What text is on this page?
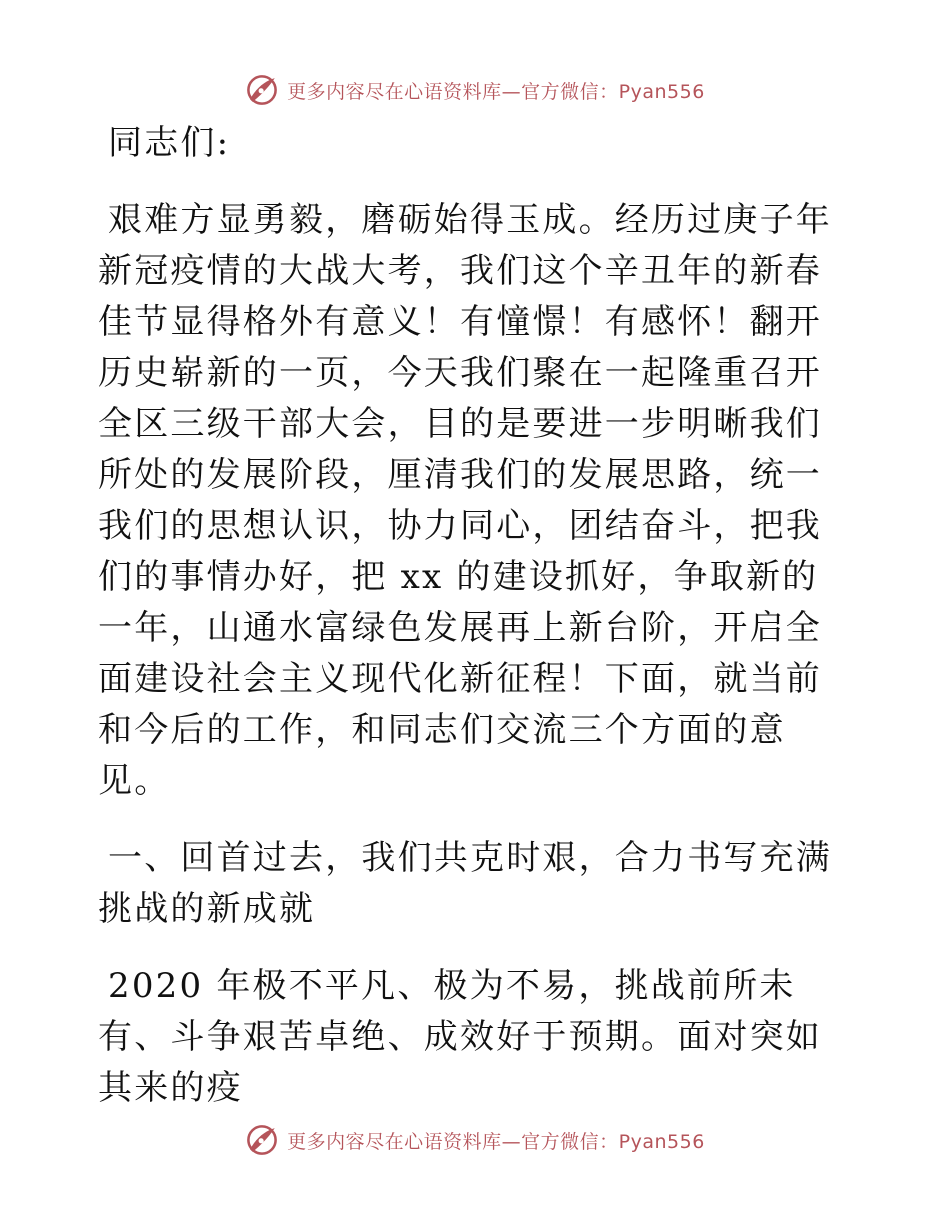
更多内容尽在心语资料库—官方微信：Pyan556

同志们:

艰难方显勇毅，磨砺始得玉成。经历过庚子年新冠疫情的大战大考，我们这个辛丑年的新春佳节显得格外有意义！有憧憬！有感怀！翻开历史崭新的一页，今天我们聚在一起隆重召开全区三级干部大会，目的是要进一步明晰我们所处的发展阶段，厘清我们的发展思路，统一我们的思想认识，协力同心，团结奋斗，把我们的事情办好，把 xx 的建设抓好，争取新的一年，山通水富绿色发展再上新台阶，开启全面建设社会主义现代化新征程！下面，就当前和今后的工作，和同志们交流三个方面的意见。

一、回首过去，我们共克时艰，合力书写充满挑战的新成就

2020 年极不平凡、极为不易，挑战前所未有、斗争艰苦卓绝、成效好于预期。面对突如其来的疫

更多内容尽在心语资料库—官方微信：Pyan556
